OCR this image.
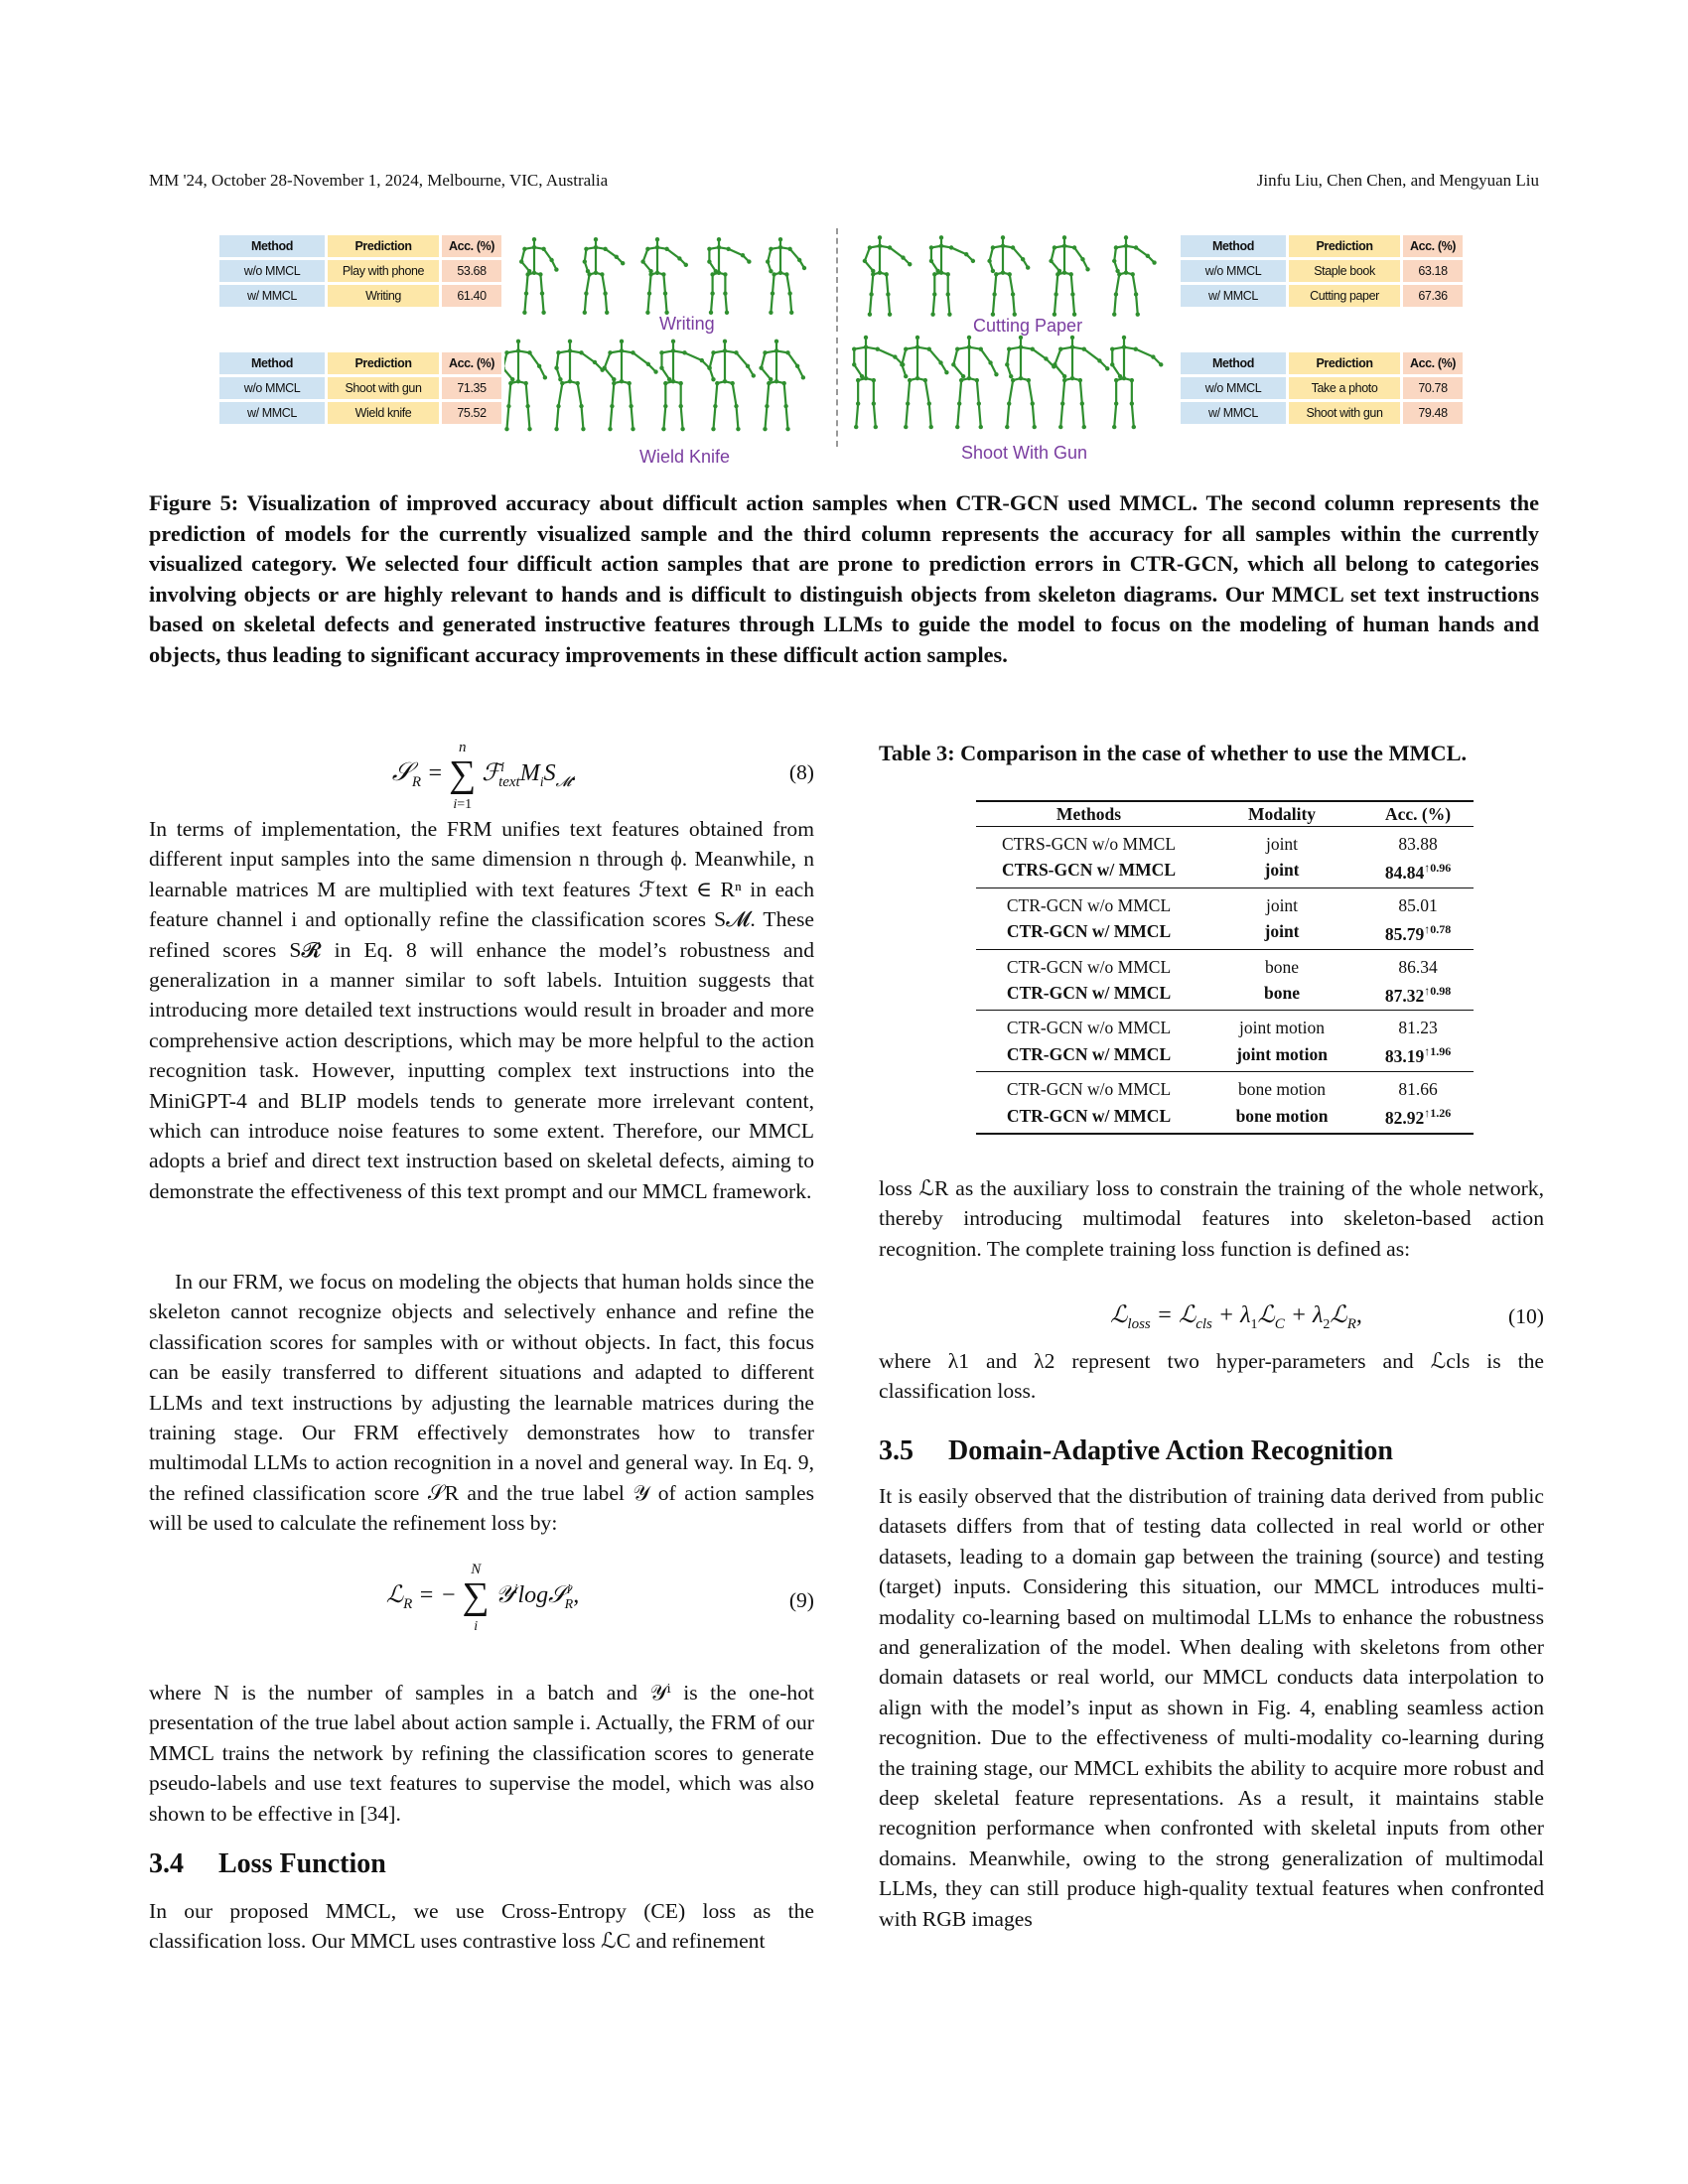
MM '24, October 28-November 1, 2024, Melbourne, VIC, Australia	Jinfu Liu, Chen Chen, and Mengyuan Liu
Method	Prediction	Acc. (%)
w/o MMCL	Play with phone	53.68
w/ MMCL	Writing	61.40
Method	Prediction	Acc. (%)
w/o MMCL	Staple book	63.18
w/ MMCL	Cutting paper	67.36
Method	Prediction	Acc. (%)
w/o MMCL	Shoot with gun	71.35
w/ MMCL	Wield knife	75.52
Method	Prediction	Acc. (%)
w/o MMCL	Take a photo	70.78
w/ MMCL	Shoot with gun	79.48
Writing	Cutting Paper
Wield Knife	Shoot With Gun
Figure 5: Visualization of improved accuracy about difficult action samples when CTR-GCN used MMCL. The second column represents the prediction of models for the currently visualized sample and the third column represents the accuracy for all samples within the currently visualized category. We selected four difficult action samples that are prone to prediction errors in CTR-GCN, which all belong to categories involving objects or are highly relevant to hands and is difficult to distinguish objects from skeleton diagrams. Our MMCL set text instructions based on skeletal defects and generated instructive features through LLMs to guide the model to focus on the modeling of human hands and objects, thus leading to significant accuracy improvements in these difficult action samples.
𝒮$_R$ = n
∑
i=1 $ℱ^i_{text}M_iS_𝓜$.	(8)
In terms of implementation, the FRM unifies text features obtained from different input samples into the same dimension n through ϕ. Meanwhile, n learnable matrices M are multiplied with text features ℱtext ∈ Rⁿ in each feature channel i and optionally refine the classification scores S𝓜. These refined scores S𝓡 in Eq. 8 will enhance the model’s robustness and generalization in a manner similar to soft labels. Intuition suggests that introducing more detailed text instructions would result in broader and more comprehensive action descriptions, which may be more helpful to the action recognition task. However, inputting complex text instructions into the MiniGPT-4 and BLIP models tends to generate more irrelevant content, which can introduce noise features to some extent. Therefore, our MMCL adopts a brief and direct text instruction based on skeletal defects, aiming to demonstrate the effectiveness of this text prompt and our MMCL framework.
In our FRM, we focus on modeling the objects that human holds since the skeleton cannot recognize objects and selectively enhance and refine the classification scores for samples with or without objects. In fact, this focus can be easily transferred to different situations and adapted to different LLMs and text instructions by adjusting the learnable matrices during the training stage. Our FRM effectively demonstrates how to transfer multimodal LLMs to action recognition in a novel and general way. In Eq. 9, the refined classification score 𝒮R and the true label 𝒴 of action samples will be used to calculate the refinement loss by:
ℒ$_R$ = − N
∑
i 𝒴$^i$log𝒮$^i_R$,	(9)
where N is the number of samples in a batch and 𝒴ⁱ is the one-hot presentation of the true label about action sample i. Actually, the FRM of our MMCL trains the network by refining the classification scores to generate pseudo-labels and use text features to supervise the model, which was also shown to be effective in [34].
3.4 Loss Function
In our proposed MMCL, we use Cross-Entropy (CE) loss as the classification loss. Our MMCL uses contrastive loss ℒC and refinement
Table 3: Comparison in the case of whether to use the MMCL.
Methods	Modality	Acc. (%)
CTRS-GCN w/o MMCL	joint	83.88
CTRS-GCN w/ MMCL	joint	$84.84^{↑0.96}$
CTR-GCN w/o MMCL	joint	85.01
CTR-GCN w/ MMCL	joint	$85.79^{↑0.78}$
CTR-GCN w/o MMCL	bone	86.34
CTR-GCN w/ MMCL	bone	$87.32^{↑0.98}$
CTR-GCN w/o MMCL	joint motion	81.23
CTR-GCN w/ MMCL	joint motion	$83.19^{↑1.96}$
CTR-GCN w/o MMCL	bone motion	81.66
CTR-GCN w/ MMCL	bone motion	$82.92^{↑1.26}$
loss ℒR as the auxiliary loss to constrain the training of the whole network, thereby introducing multimodal features into skeleton-based action recognition. The complete training loss function is defined as:
ℒ$_{loss}$ = ℒ$_{cls}$ + $\lambda_1ℒ_C$ + $\lambda_2ℒ_R$,	(10)
where λ1 and λ2 represent two hyper-parameters and ℒcls is the classification loss.
3.5 Domain-Adaptive Action Recognition
It is easily observed that the distribution of training data derived from public datasets differs from that of testing data collected in real world or other datasets, leading to a domain gap between the training (source) and testing (target) inputs. Considering this situation, our MMCL introduces multi-modality co-learning based on multimodal LLMs to enhance the robustness and generalization of the model. When dealing with skeletons from other domain datasets or real world, our MMCL conducts data interpolation to align with the model’s input as shown in Fig. 4, enabling seamless action recognition. Due to the effectiveness of multi-modality co-learning during the training stage, our MMCL exhibits the ability to acquire more robust and deep skeletal feature representations. As a result, it maintains stable recognition performance when confronted with skeletal inputs from other domains. Meanwhile, owing to the strong generalization of multimodal LLMs, they can still produce high-quality textual features when confronted with RGB images
